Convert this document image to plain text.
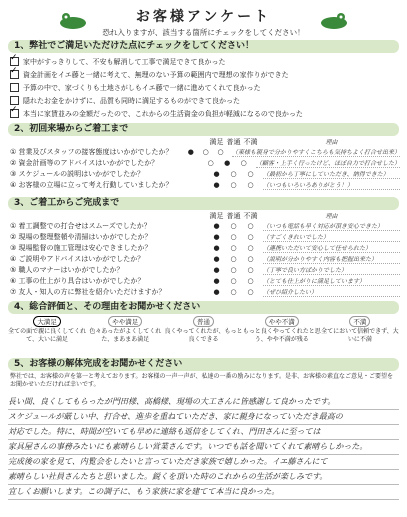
お客様アンケート
恐れ入りますが、該当する箇所にチェックをしてください！
1、弊社でご満足いただけた点にチェックをしてください！
✓
家中がすっきりして、不安も解消して工事で満足できて良かった
✓
資金計画をイエ藤と一緒に考えて、無理のない予算の範囲内で理想の家作りができた
予算の中で、家づくりも土地さがしもイエ藤で一緒に進めてくれて良かった
隠れたお金をかけずに、品質も同時に満足するものができて良かった
✓
本当に家賃並みの金額だったので、これからの生活資金の負担が軽減になるので良かった
2、初回来場からご着工まで
満足 普通 不満	理由
① 営業及びスタッフの接客態度はいかがでしたか？	●	○	○	（東様も親身で分かりやすくこちらも気持ちよく打合せ出来）
② 資金計画等のアドバイスはいかがでしたか？	○	●	○	（顧客・上手く行ったけど、ほぼ自力で打合せした）
③ スケジュールの説明はいかがでしたか？	●	○	○	（最初から丁寧にしていただき、納得できた）
④ お客様の立場に立って考え行動していましたか？	●	○	○	（いつもいろいろありがとう！）
3、ご着工からご完成まで
満足 普通 不満	理由
① 着工調整での打合せはスムーズでしたか？	●	○	○	（いつも電話も早く対応が頂き安心できた）
② 現場の整理整頓や清掃はいかがでしたか？	●	○	○	（すごくきれいでした）
③ 現場監督の施工管理は安心できましたか？	●	○	○	（連携いただいて安心して任せられた）
④ ご説明やアドバイスはいかがでしたか？	●	○	○	（説明が分かりやすく内容も把握出来た）
⑤ 職人のマナーはいかがでしたか？	●	○	○	（丁寧で良い方ばかりでした）
⑥ 工事の仕上がり具合はいかがでしたか？	●	○	○	（とても仕上がりに満足しています）
⑦ 友人・知人の方に弊社を紹介いただけますか？	●	○	○	（ぜひ紹介したい）
4、総合評価と、その理由をお聞かせください
大満足
全ての面で親に良くしてくれて、大いに満足
やや満足
色々あったがよくしてくれた、まあまあ満足
普通
良くやってくれたが、もっと良くできる
やや不満
もっと良くやってくれたと思う、やや不満が残る
不満
全てにおいて信頼できず、大いに不満
5、お客様の解体完成をお聞かせください
弊社では、お客様の声を第一と考えております。お客様の一声一声が、私達の一番の励みになります。是非、お客様の素直なご意見・ご要望をお聞かせいただければ幸いです。
長い間、良くしてもらったが門田様、高橋様、現場の大工さんに皆感謝して良かったです。
スケジュールが厳しい中、打合せ、進歩を重ねていただき、家に親身になっていただき最高の
対応でした。特に、時間が空いても早めに連絡も返信をしてくれ、門田さんに至っては
家具屋さんの事務みたいにも素晴らしい営業さんです。いつでも話を聞いてくれて素晴らしかった。
完成後の家を見て、内覧会をしたいと言っていただき家族で嬉しかった。イエ藤さんにて
素晴らしい社員さんたちと思いました。鋭くを頂いた時のこれからの生活が楽しみです。
宜しくお願いします。この調子に、もう家族に家を建てて本当に良かった。
